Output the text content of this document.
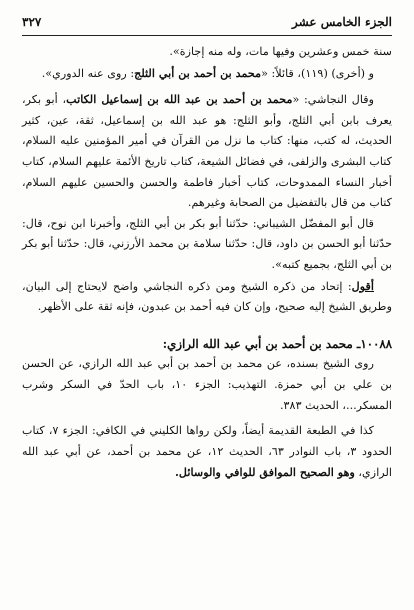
الجزء الخامس عشر
٣٢٧

سنة خمس وعشرين وفيها مات، وله منه إجازة».

و (أخرى) (١١٩)، قائلاً: «محمد بن أحمد بن أبي الثلج: روى عنه الدوري».

وقال النجاشي: «محمد بن أحمد بن عبد الله بن إسماعيل الكاتب، أبو بكر، يعرف بابن أبي الثلج، وأبو الثلج: هو عبد الله بن إسماعيل، ثقة، عين، كثير الحديث، له كتب، منها: كتاب ما نزل من القرآن في أمير المؤمنين عليه السلام، كتاب البشرى والزلفى، في فضائل الشيعة، كتاب تاريخ الأئمة عليهم السلام، كتاب أخبار النساء الممدوحات، كتاب أخبار فاطمة والحسن والحسين عليهم السلام، كتاب من قال بالتفضيل من الصحابة وغيرهم.

قال أبو المفضّل الشيباني: حدّثنا أبو بكر بن أبي الثلج، وأخبرنا ابن نوح، قال: حدّثنا أبو الحسن بن داود، قال: حدّثنا سلامة بن محمد الأرزني، قال: حدّثنا أبو بكر بن أبي الثلج، بجميع كتبه».

أقول: إتحاد من ذكره الشيخ ومن ذكره النجاشي واضح لايحتاج إلى البيان، وطريق الشيخ إليه صحيح، وإن كان فيه أحمد بن عبدون، فإنه ثقة على الأظهر.

١٠٠٨٨ـ محمد بن أحمد بن أبي عبد الله الرازي:

روى الشيخ بسنده، عن محمد بن أحمد بن أبي عبد الله الرازي، عن الحسن بن علي بن أبي حمزة. التهذيب: الجزء ١٠، باب الحدّ في السكر وشرب المسكر...، الحديث ٣٨٣.

كذا في الطبعة القديمة أيضاً، ولكن رواها الكليني في الكافي: الجزء ٧، كتاب الحدود ٣، باب النوادر ٦٣، الحديث ١٢، عن محمد بن أحمد، عن أبي عبد الله الرازي، وهو الصحيح الموافق للوافي والوسائل.
